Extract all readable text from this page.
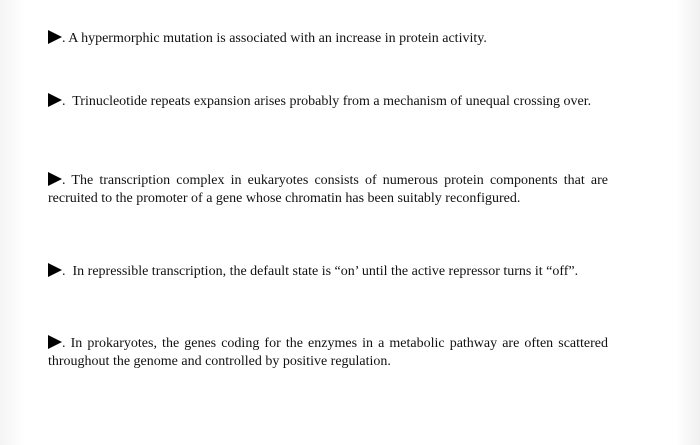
. A hypermorphic mutation is associated with an increase in protein activity.

. Trinucleotide repeats expansion arises probably from a mechanism of unequal crossing over.

. The transcription complex in eukaryotes consists of numerous protein components that are recruited to the promoter of a gene whose chromatin has been suitably reconfigured.

. In repressible transcription, the default state is “on’ until the active repressor turns it “off”.

. In prokaryotes, the genes coding for the enzymes in a metabolic pathway are often scattered throughout the genome and controlled by positive regulation.
